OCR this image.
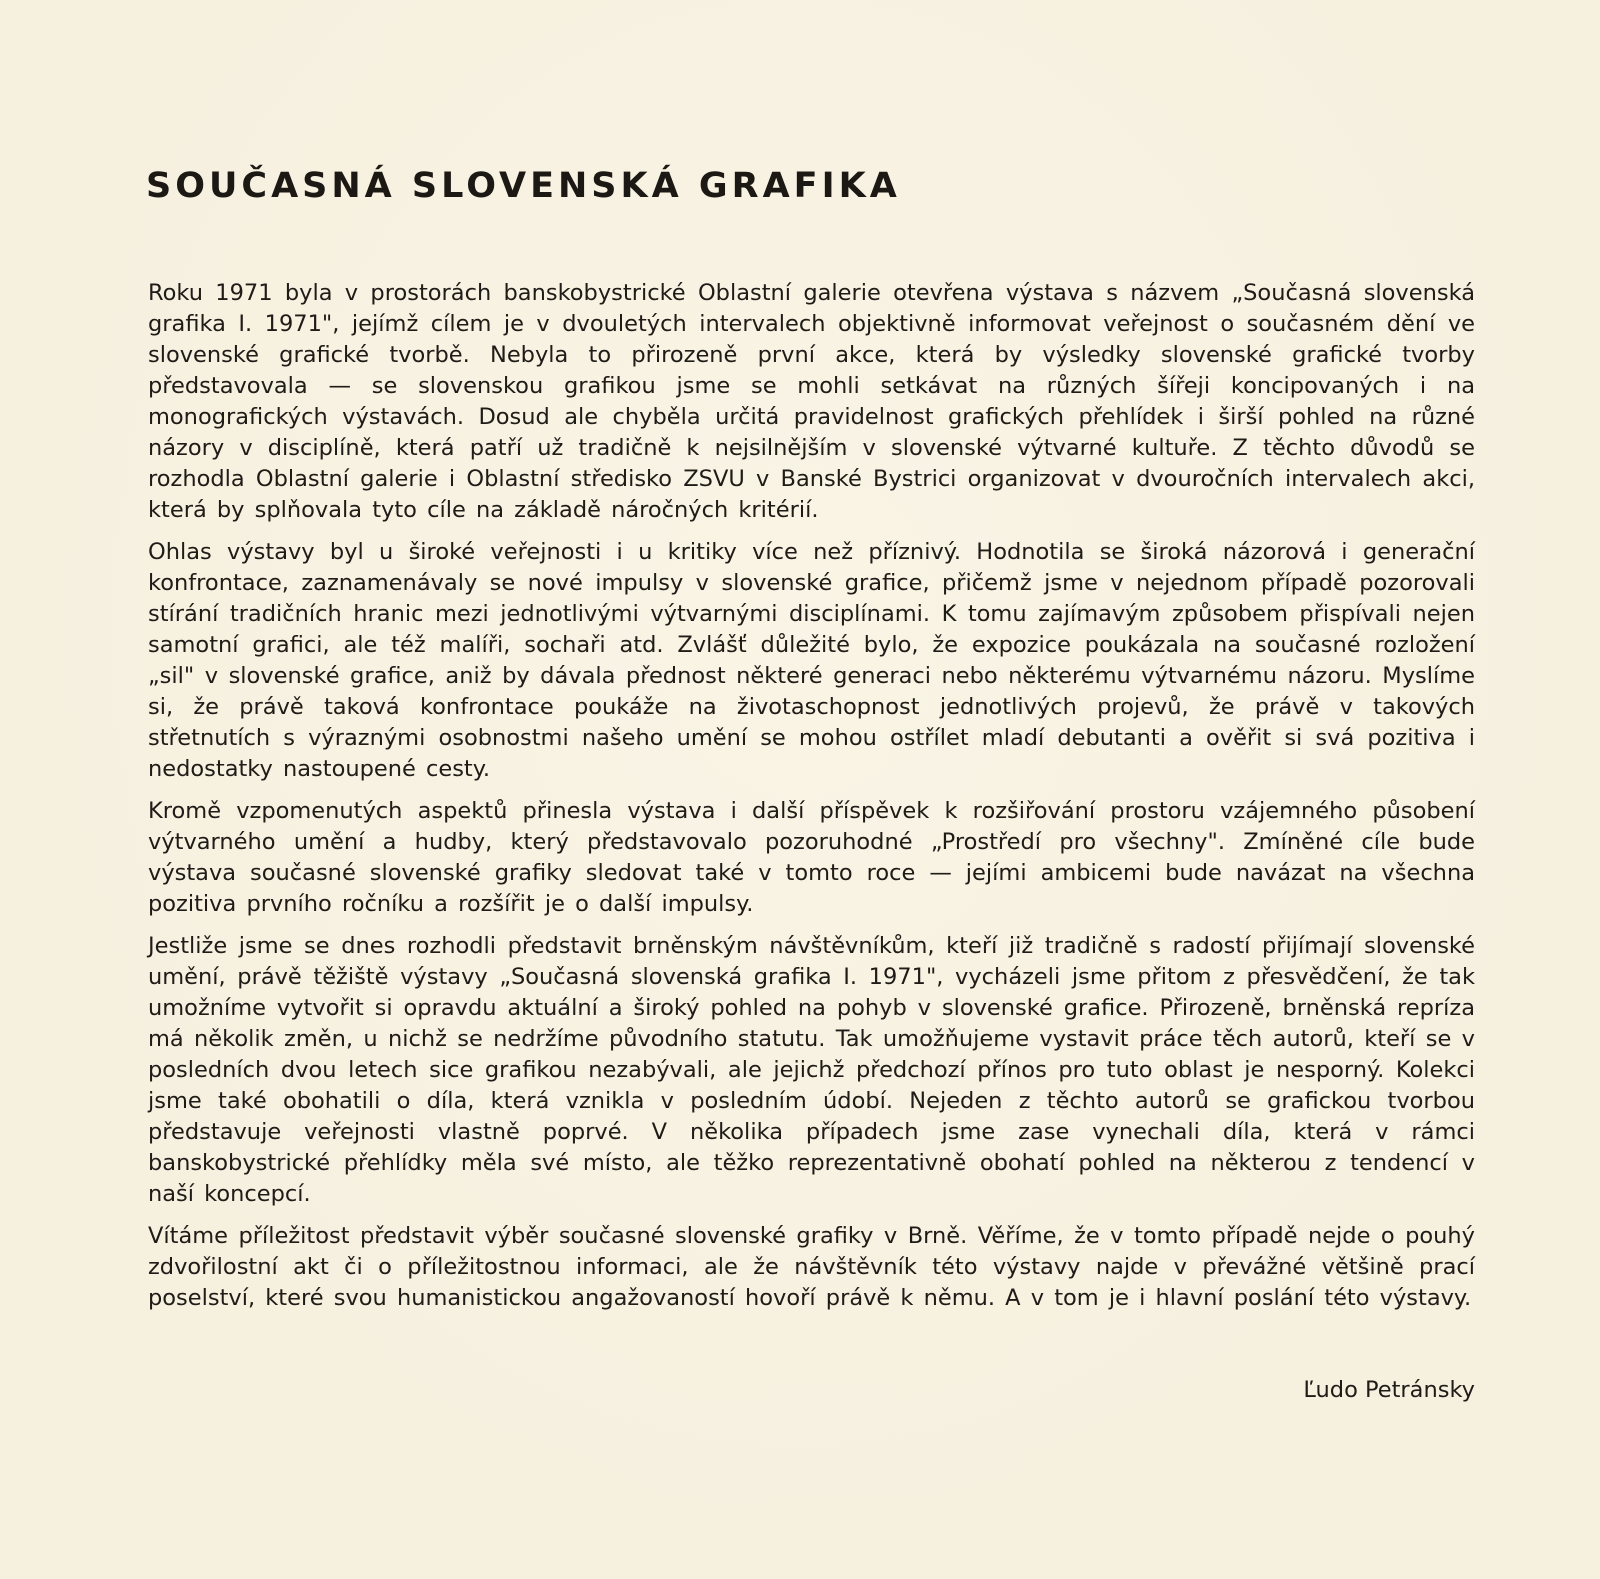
SOUČASNÁ SLOVENSKÁ GRAFIKA

Roku 1971 byla v prostorách banskobystrické Oblastní galerie otevřena výstava s názvem „Současná slovenská grafika I. 1971", jejímž cílem je v dvouletých intervalech objektivně informovat veřejnost o současném dění ve slovenské grafické tvorbě. Nebyla to přirozeně první akce, která by výsledky slovenské grafické tvorby představovala — se slovenskou grafikou jsme se mohli setkávat na různých šířeji koncipovaných i na monografických výstavách. Dosud ale chyběla určitá pravidelnost grafických přehlídek i širší pohled na různé názory v disciplíně, která patří už tradičně k nejsilnějším v slovenské výtvarné kultuře. Z těchto důvodů se rozhodla Oblastní galerie i Oblastní středisko ZSVU v Banské Bystrici organizovat v dvouročních intervalech akci, která by splňovala tyto cíle na základě náročných kritérií.

Ohlas výstavy byl u široké veřejnosti i u kritiky více než příznivý. Hodnotila se široká názorová i generační konfrontace, zaznamenávaly se nové impulsy v slovenské grafice, přičemž jsme v nejednom případě pozorovali stírání tradičních hranic mezi jednotlivými výtvarnými disciplínami. K tomu zajímavým způsobem přispívali nejen samotní grafici, ale též malíři, sochaři atd. Zvlášť důležité bylo, že expozice poukázala na současné rozložení „sil" v slovenské grafice, aniž by dávala přednost některé generaci nebo některému výtvarnému názoru. Myslíme si, že právě taková konfrontace poukáže na životaschopnost jednotlivých projevů, že právě v takových střetnutích s výraznými osobnostmi našeho umění se mohou ostřílet mladí debutanti a ověřit si svá pozitiva i nedostatky nastoupené cesty.

Kromě vzpomenutých aspektů přinesla výstava i další příspěvek k rozšiřování prostoru vzájemného působení výtvarného umění a hudby, který představovalo pozoruhodné „Prostředí pro všechny". Zmíněné cíle bude výstava současné slovenské grafiky sledovat také v tomto roce — jejími ambicemi bude navázat na všechna pozitiva prvního ročníku a rozšířit je o další impulsy.

Jestliže jsme se dnes rozhodli představit brněnským návštěvníkům, kteří již tradičně s radostí přijímají slovenské umění, právě těžiště výstavy „Současná slovenská grafika I. 1971", vycházeli jsme přitom z přesvědčení, že tak umožníme vytvořit si opravdu aktuální a široký pohled na pohyb v slovenské grafice. Přirozeně, brněnská repríza má několik změn, u nichž se nedržíme původního statutu. Tak umožňujeme vystavit práce těch autorů, kteří se v posledních dvou letech sice grafikou nezabývali, ale jejichž předchozí přínos pro tuto oblast je nesporný. Kolekci jsme také obohatili o díla, která vznikla v posledním údobí. Nejeden z těchto autorů se grafickou tvorbou představuje veřejnosti vlastně poprvé. V několika případech jsme zase vynechali díla, která v rámci banskobystrické přehlídky měla své místo, ale těžko reprezentativně obohatí pohled na některou z tendencí v naší koncepcí.

Vítáme příležitost představit výběr současné slovenské grafiky v Brně. Věříme, že v tomto případě nejde o pouhý zdvořilostní akt či o příležitostnou informaci, ale že návštěvník této výstavy najde v převážné většině prací poselství, které svou humanistickou angažovaností hovoří právě k němu. A v tom je i hlavní poslání této výstavy.

Ľudo Petránsky
